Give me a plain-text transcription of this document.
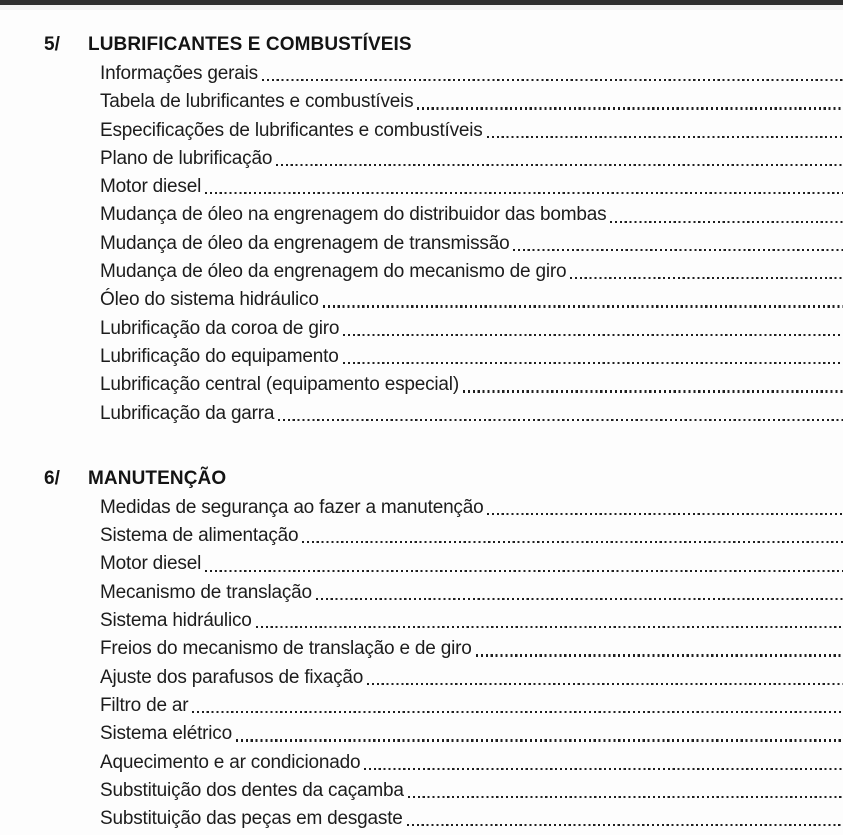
5/	LUBRIFICANTES E COMBUSTÍVEIS
Informações gerais
Tabela de lubrificantes e combustíveis
Especificações de lubrificantes e combustíveis
Plano de lubrificação
Motor diesel
Mudança de óleo na engrenagem do distribuidor das bombas
Mudança de óleo da engrenagem de transmissão
Mudança de óleo da engrenagem do mecanismo de giro
Óleo do sistema hidráulico
Lubrificação da coroa de giro
Lubrificação do equipamento
Lubrificação central (equipamento especial)
Lubrificação da garra
6/	MANUTENÇÃO
Medidas de segurança ao fazer a manutenção
Sistema de alimentação
Motor diesel
Mecanismo de translação
Sistema hidráulico
Freios do mecanismo de translação e de giro
Ajuste dos parafusos de fixação
Filtro de ar
Sistema elétrico
Aquecimento e ar condicionado
Substituição dos dentes da caçamba
Substituição das peças em desgaste
